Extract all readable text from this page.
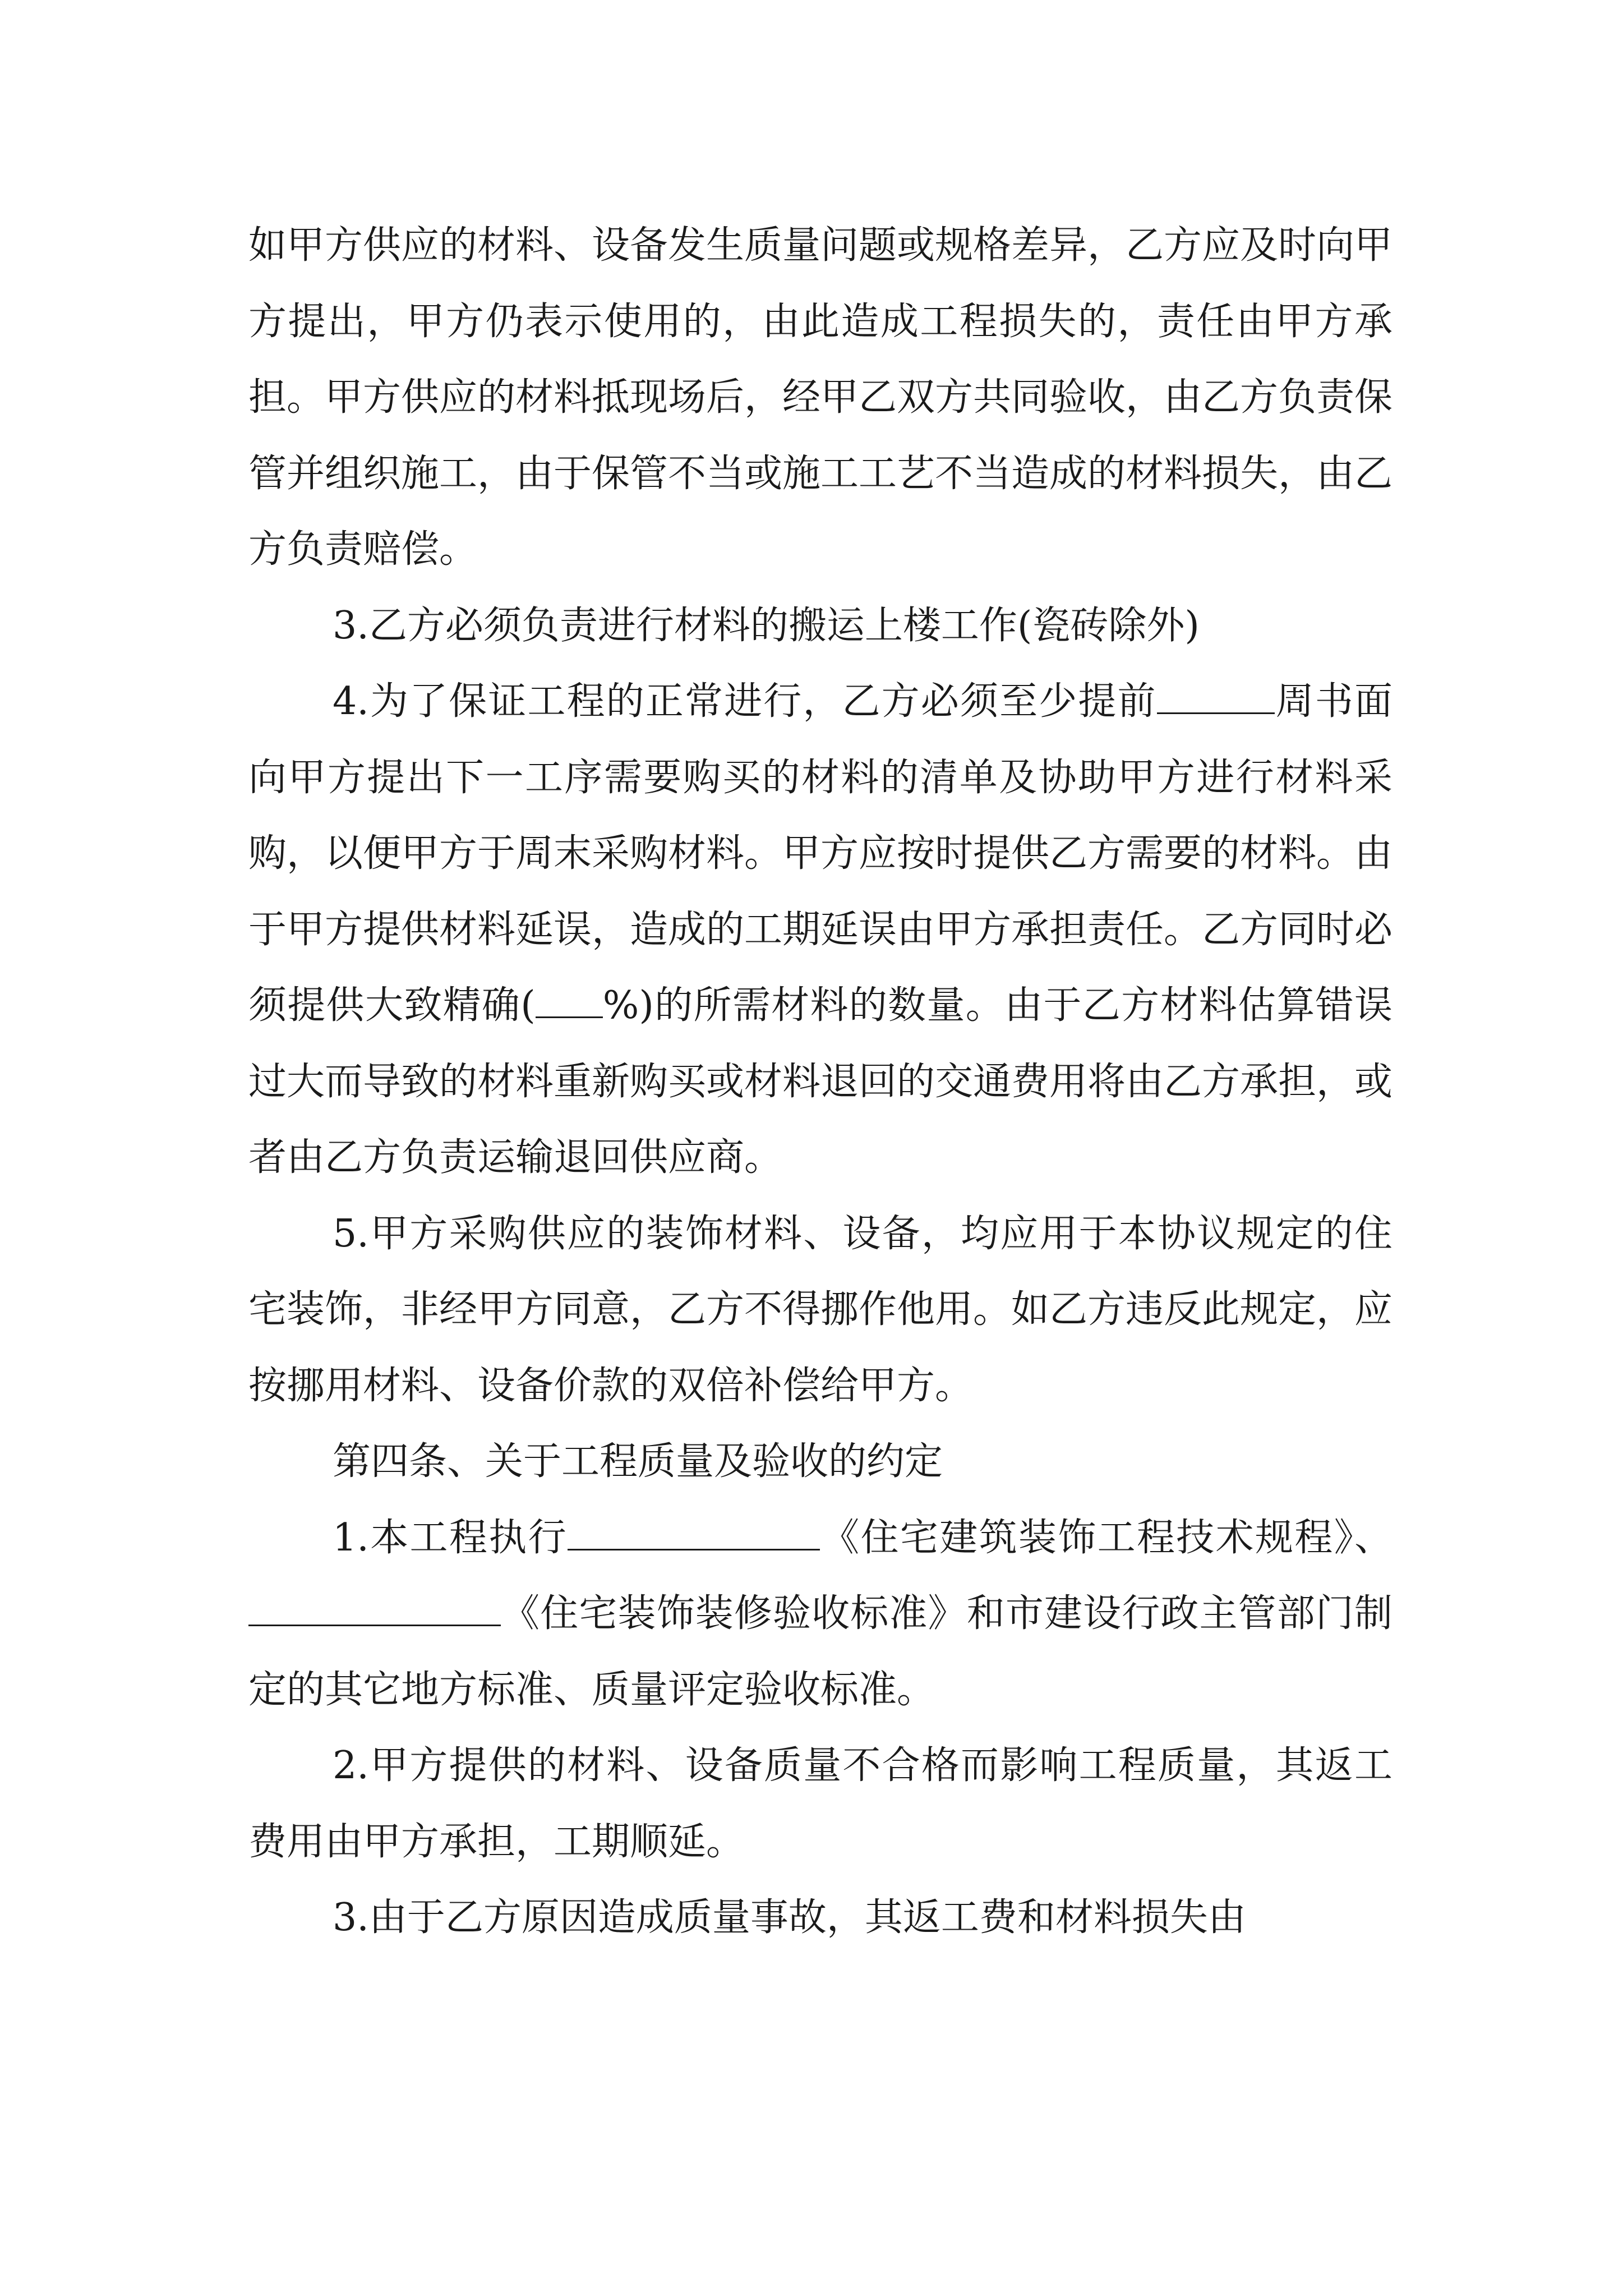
如甲方供应的材料、设备发生质量问题或规格差异，乙方应及时向甲方提出，甲方仍表示使用的，由此造成工程损失的，责任由甲方承担。甲方供应的材料抵现场后，经甲乙双方共同验收，由乙方负责保管并组织施工，由于保管不当或施工工艺不当造成的材料损失，由乙方负责赔偿。

3.乙方必须负责进行材料的搬运上楼工作(瓷砖除外)

4.为了保证工程的正常进行，乙方必须至少提前	周书面向甲方提出下一工序需要购买的材料的清单及协助甲方进行材料采购，以便甲方于周末采购材料。甲方应按时提供乙方需要的材料。由于甲方提供材料延误，造成的工期延误由甲方承担责任。乙方同时必须提供大致精确( %)的所需材料的数量。由于乙方材料估算错误过大而导致的材料重新购买或材料退回的交通费用将由乙方承担，或者由乙方负责运输退回供应商。

5.甲方采购供应的装饰材料、设备，均应用于本协议规定的住宅装饰，非经甲方同意，乙方不得挪作他用。如乙方违反此规定，应按挪用材料、设备价款的双倍补偿给甲方。

第四条、关于工程质量及验收的约定

1.本工程执行	《住宅建筑装饰工程技术规程》、《住宅装饰装修验收标准》和市建设行政主管部门制定的其它地方标准、质量评定验收标准。

2.甲方提供的材料、设备质量不合格而影响工程质量，其返工费用由甲方承担，工期顺延。

3.由于乙方原因造成质量事故，其返工费和材料损失由
